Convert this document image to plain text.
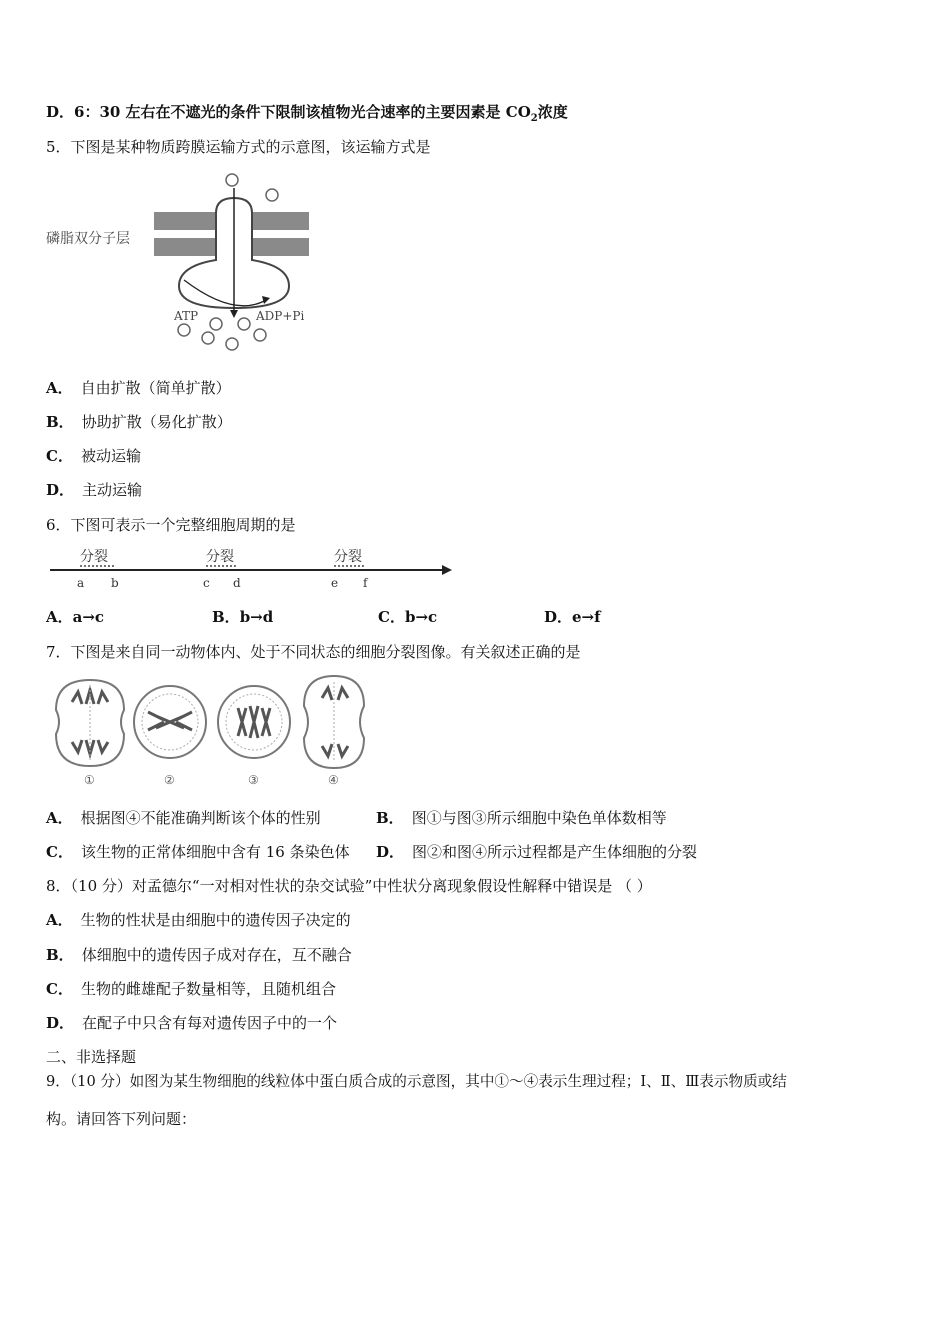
D．6：30 左右在不遮光的条件下限制该植物光合速率的主要因素是 $CO_2$浓度
5．下图是某种物质跨膜运输方式的示意图，该运输方式是
磷脂双分子层
ATP	ADP+Pi
A． 自由扩散（简单扩散）
B． 协助扩散（易化扩散）
C． 被动运输
D． 主动运输
6．下图可表示一个完整细胞周期的是
分裂	分裂	分裂
a b	c d	e f
A．a→c	B．b→d	C．b→c	D．e→f
7．下图是来自同一动物体内、处于不同状态的细胞分裂图像。有关叙述正确的是
①	②	③	④
A． 根据图④不能准确判断该个体的性别	B． 图①与图③所示细胞中染色单体数相等
C． 该生物的正常体细胞中含有 16 条染色体 D． 图②和图④所示过程都是产生体细胞的分裂
8．（10 分）对孟德尔“一对相对性状的杂交试验”中性状分离现象假设性解释中错误是 （ ）
A． 生物的性状是由细胞中的遗传因子决定的
B． 体细胞中的遗传因子成对存在，互不融合
C． 生物的雌雄配子数量相等，且随机组合
D． 在配子中只含有每对遗传因子中的一个
二、非选择题
9．（10 分）如图为某生物细胞的线粒体中蛋白质合成的示意图，其中①～④表示生理过程；Ⅰ、Ⅱ、Ⅲ表示物质或结
构。请回答下列问题：
